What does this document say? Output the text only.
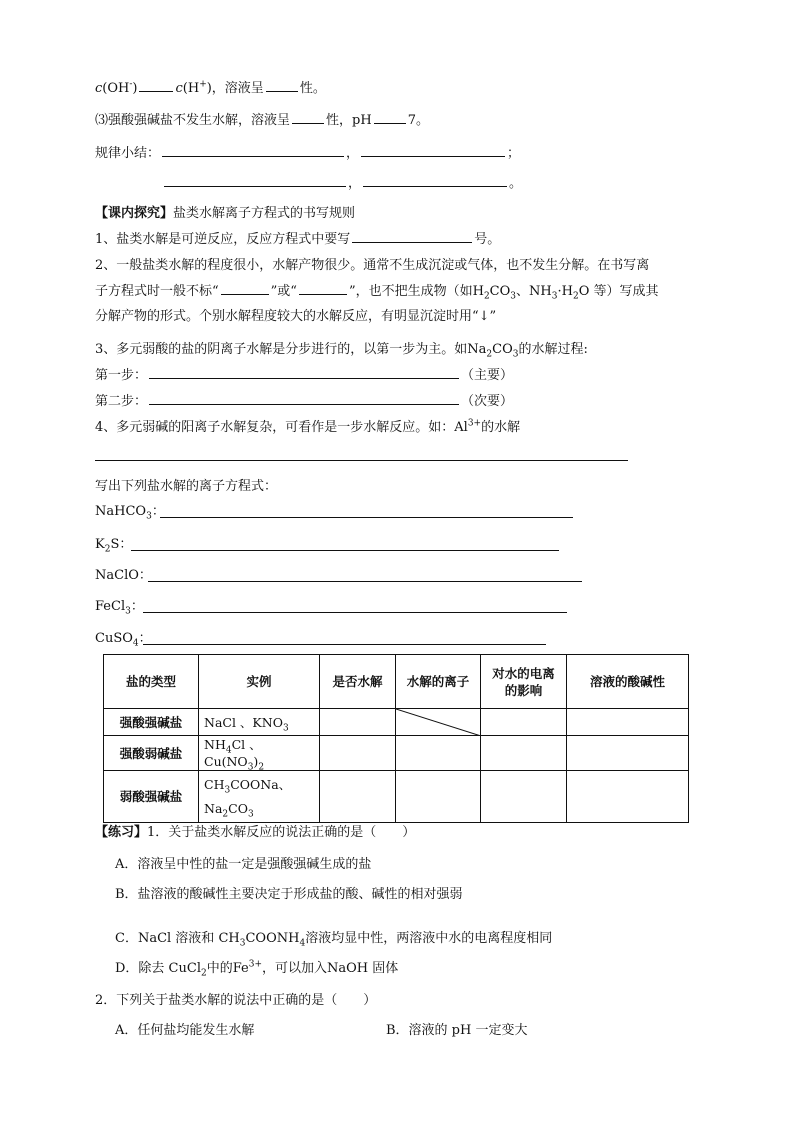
c(OH-)	c(H+)，溶液呈	性。
⑶强酸强碱盐不发生水解，溶液呈	性，pH	7。
规律小结：	，	；
，	。
【课内探究】盐类水解离子方程式的书写规则
1、盐类水解是可逆反应，反应方程式中要写	号。
2、一般盐类水解的程度很小，水解产物很少。通常不生成沉淀或气体，也不发生分解。在书写离
子方程式时一般不标“	”或“	”，也不把生成物（如$H_2CO_3$、$NH_3\cdot H_2O$ 等）写成其
分解产物的形式。个别水解程度较大的水解反应，有明显沉淀时用“↓”
3、多元弱酸的盐的阴离子水解是分步进行的，以第一步为主。如$Na_2CO_3$的水解过程:
第一步：	（主要）
第二步：	（次要）
4、多元弱碱的阳离子水解复杂，可看作是一步水解反应。如：$Al^{3+}$的水解
写出下列盐水解的离子方程式：
NaHCO$_3$：
$K_2S$：
NaClO：
FeCl$_3$：
CuSO$_4$：
盐的类型	实例	是否水解	水解的离子	对水的电离的影响	溶液的酸碱性
强酸强碱盐	NaCl 、$KNO_3$		

强酸弱碱盐	$NH_4Cl$ 、$Cu(NO_3)_2$				
弱酸强碱盐	$CH_3COONa$、
$Na_2CO_3$				
【练习】1．关于盐类水解反应的说法正确的是（　　）
A．溶液呈中性的盐一定是强酸强碱生成的盐
B．盐溶液的酸碱性主要决定于形成盐的酸、碱性的相对强弱
C．NaCl 溶液和 $CH_3COONH_4$溶液均显中性，两溶液中水的电离程度相同
D．除去 CuCl$_2$中的$Fe^{3+}$，可以加入NaOH 固体
2．下列关于盐类水解的说法中正确的是（　　）
A．任何盐均能发生水解	B．溶液的 pH 一定变大
